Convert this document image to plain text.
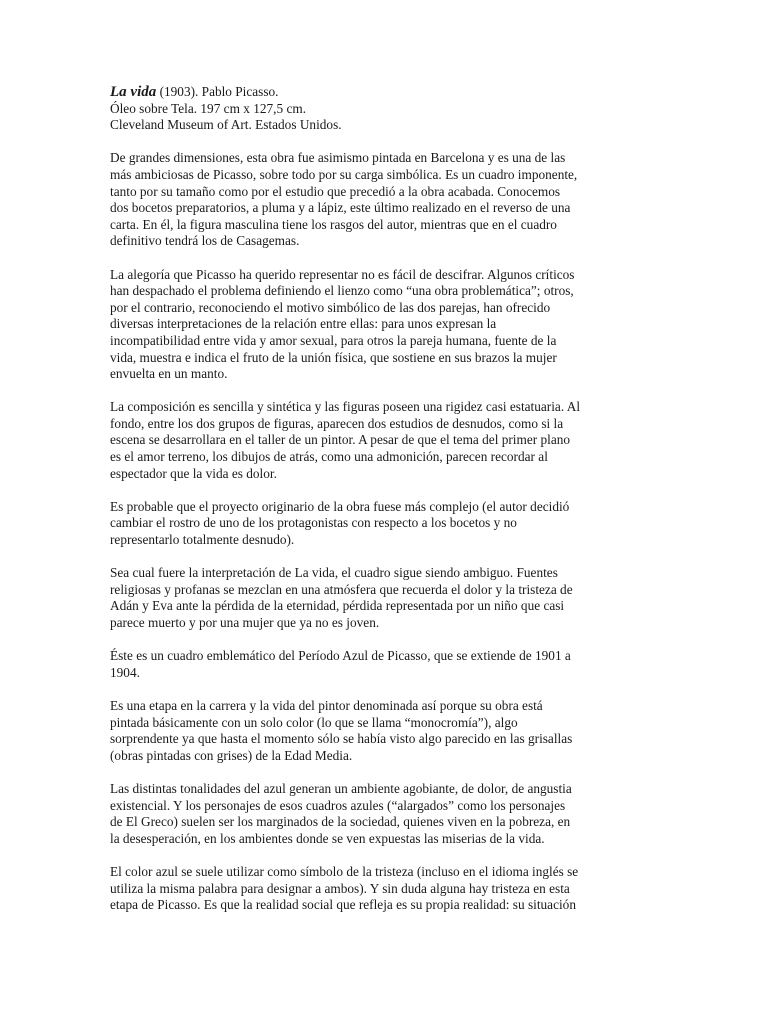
La vida (1903). Pablo Picasso.

Óleo sobre Tela. 197 cm x 127,5 cm.

Cleveland Museum of Art. Estados Unidos.

De grandes dimensiones, esta obra fue asimismo pintada en Barcelona y es una de las
más ambiciosas de Picasso, sobre todo por su carga simbólica. Es un cuadro imponente,
tanto por su tamaño como por el estudio que precedió a la obra acabada. Conocemos
dos bocetos preparatorios, a pluma y a lápiz, este último realizado en el reverso de una
carta. En él, la figura masculina tiene los rasgos del autor, mientras que en el cuadro
definitivo tendrá los de Casagemas.

La alegoría que Picasso ha querido representar no es fácil de descifrar. Algunos críticos
han despachado el problema definiendo el lienzo como “una obra problemática”; otros,
por el contrario, reconociendo el motivo simbólico de las dos parejas, han ofrecido
diversas interpretaciones de la relación entre ellas: para unos expresan la
incompatibilidad entre vida y amor sexual, para otros la pareja humana, fuente de la
vida, muestra e indica el fruto de la unión física, que sostiene en sus brazos la mujer
envuelta en un manto.

La composición es sencilla y sintética y las figuras poseen una rigidez casi estatuaria. Al
fondo, entre los dos grupos de figuras, aparecen dos estudios de desnudos, como si la
escena se desarrollara en el taller de un pintor. A pesar de que el tema del primer plano
es el amor terreno, los dibujos de atrás, como una admonición, parecen recordar al
espectador que la vida es dolor.

Es probable que el proyecto originario de la obra fuese más complejo (el autor decidió
cambiar el rostro de uno de los protagonistas con respecto a los bocetos y no
representarlo totalmente desnudo).

Sea cual fuere la interpretación de La vida, el cuadro sigue siendo ambiguo. Fuentes
religiosas y profanas se mezclan en una atmósfera que recuerda el dolor y la tristeza de
Adán y Eva ante la pérdida de la eternidad, pérdida representada por un niño que casi
parece muerto y por una mujer que ya no es joven.

Éste es un cuadro emblemático del Período Azul de Picasso, que se extiende de 1901 a
1904.

Es una etapa en la carrera y la vida del pintor denominada así porque su obra está
pintada básicamente con un solo color (lo que se llama “monocromía”), algo
sorprendente ya que hasta el momento sólo se había visto algo parecido en las grisallas
(obras pintadas con grises) de la Edad Media.

Las distintas tonalidades del azul generan un ambiente agobiante, de dolor, de angustia
existencial. Y los personajes de esos cuadros azules (“alargados” como los personajes
de El Greco) suelen ser los marginados de la sociedad, quienes viven en la pobreza, en
la desesperación, en los ambientes donde se ven expuestas las miserias de la vida.

El color azul se suele utilizar como símbolo de la tristeza (incluso en el idioma inglés se
utiliza la misma palabra para designar a ambos). Y sin duda alguna hay tristeza en esta
etapa de Picasso. Es que la realidad social que refleja es su propia realidad: su situación
